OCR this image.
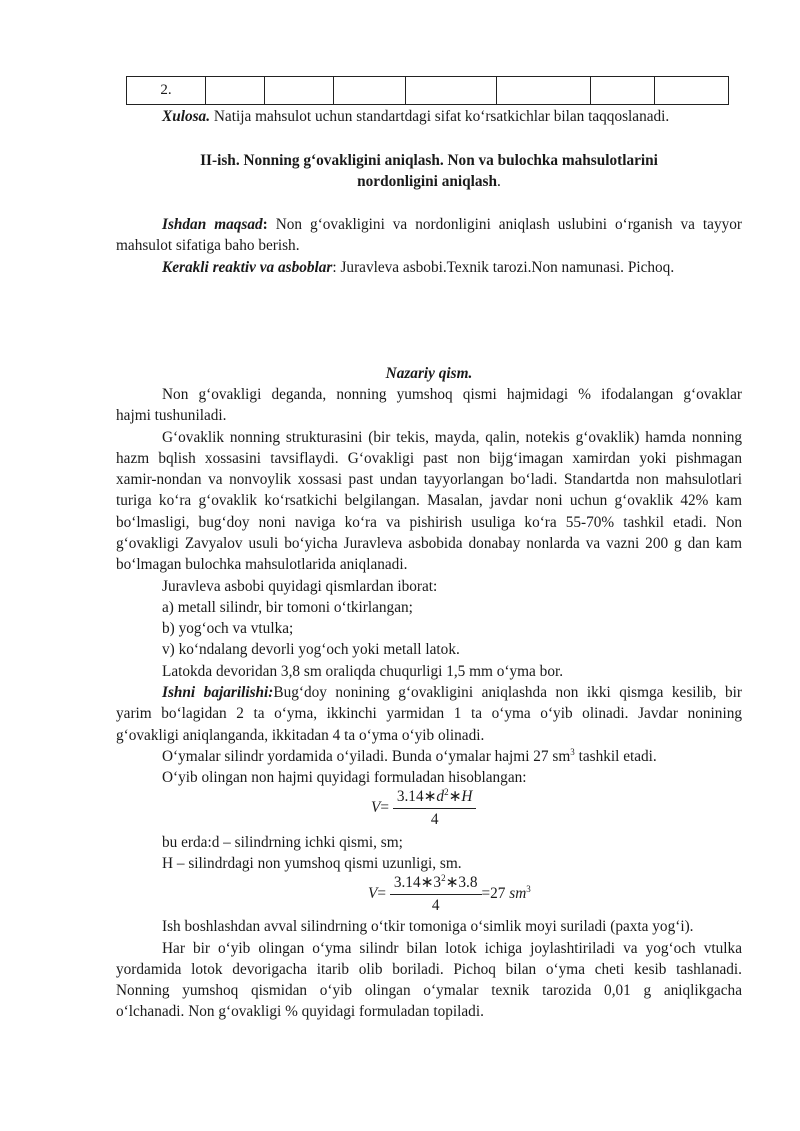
2.							
Xulosa. Natija mahsulot uchun standartdagi sifat ko‘rsatkichlar bilan taqqoslanadi.
II-ish. Nonning g‘ovakligini aniqlash. Non va bulochka mahsulotlarini
nordonligini aniqlash.
Ishdan maqsad: Non g‘ovakligini va nordonligini aniqlash uslubini o‘rganish va tayyor
mahsulot sifatiga baho berish.
Kerakli reaktiv va asboblar: Juravleva asbobi.Texnik tarozi.Non namunasi. Pichoq.
Nazariy qism.
Non g‘ovakligi deganda, nonning yumshoq qismi hajmidagi % ifodalangan g‘ovaklar
hajmi tushuniladi.
G‘ovaklik nonning strukturasini (bir tekis, mayda, qalin, notekis g‘ovaklik) hamda nonning
hazm bqlish xossasini tavsiflaydi. G‘ovakligi past non bijg‘imagan xamirdan yoki pishmagan
xamir-nondan va nonvoylik xossasi past undan tayyorlangan bo‘ladi. Standartda non mahsulotlari
turiga ko‘ra g‘ovaklik ko‘rsatkichi belgilangan. Masalan, javdar noni uchun g‘ovaklik 42% kam
bo‘lmasligi, bug‘doy noni naviga ko‘ra va pishirish usuliga ko‘ra 55-70% tashkil etadi. Non
g‘ovakligi Zavyalov usuli bo‘yicha Juravleva asbobida donabay nonlarda va vazni 200 g dan kam
bo‘lmagan bulochka mahsulotlarida aniqlanadi.
Juravleva asbobi quyidagi qismlardan iborat:
a) metall silindr, bir tomoni o‘tkirlangan;
b) yog‘och va vtulka;
v) ko‘ndalang devorli yog‘och yoki metall latok.
Latokda devoridan 3,8 sm oraliqda chuqurligi 1,5 mm o‘yma bor.
Ishni bajarilishi:Bug‘doy nonining g‘ovakligini aniqlashda non ikki qismga kesilib, bir
yarim bo‘lagidan 2 ta o‘yma, ikkinchi yarmidan 1 ta o‘yma o‘yib olinadi. Javdar nonining
g‘ovakligi aniqlanganda, ikkitadan 4 ta o‘yma o‘yib olinadi.
O‘ymalar silindr yordamida o‘yiladi. Bunda o‘ymalar hajmi 27 $sm^3$ tashkil etadi.
O‘yib olingan non hajmi quyidagi formuladan hisoblangan:
$V= \frac{3.14∗d^2∗H}{4}$
bu erda:d – silindrning ichki qismi, sm;
H – silindrdagi non yumshoq qismi uzunligi, sm.
$V= \frac{3.14∗3^2∗3.8}{4} =27$ $sm^3$
Ish boshlashdan avval silindrning o‘tkir tomoniga o‘simlik moyi suriladi (paxta yog‘i).
Har bir o‘yib olingan o‘yma silindr bilan lotok ichiga joylashtiriladi va yog‘och vtulka
yordamida lotok devorigacha itarib olib boriladi. Pichoq bilan o‘yma cheti kesib tashlanadi.
Nonning yumshoq qismidan o‘yib olingan o‘ymalar texnik tarozida 0,01 g aniqlikgacha
o‘lchanadi. Non g‘ovakligi % quyidagi formuladan topiladi.
